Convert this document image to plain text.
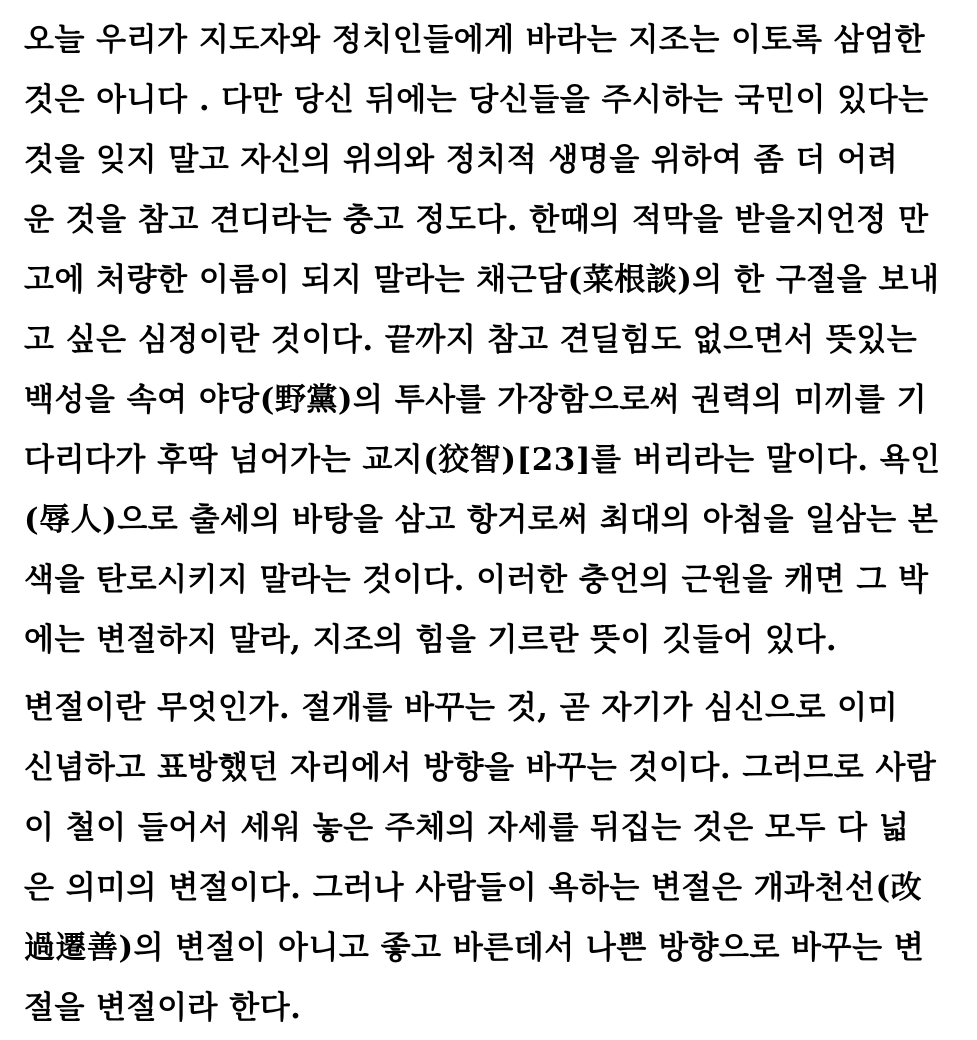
오늘 우리가 지도자와 정치인들에게 바라는 지조는 이토록 삼엄한
것은 아니다 . 다만 당신 뒤에는 당신들을 주시하는 국민이 있다는
것을 잊지 말고 자신의 위의와 정치적 생명을 위하여 좀 더 어려
운 것을 참고 견디라는 충고 정도다. 한때의 적막을 받을지언정 만
고에 처량한 이름이 되지 말라는 채근담(菜根談)의 한 구절을 보내
고 싶은 심정이란 것이다. 끝까지 참고 견딜힘도 없으면서 뜻있는
백성을 속여 야당(野黨)의 투사를 가장함으로써 권력의 미끼를 기
다리다가 후딱 넘어가는 교지(狡智)[23]를 버리라는 말이다. 욕인
(辱人)으로 출세의 바탕을 삼고 항거로써 최대의 아첨을 일삼는 본
색을 탄로시키지 말라는 것이다. 이러한 충언의 근원을 캐면 그 박
에는 변절하지 말라, 지조의 힘을 기르란 뜻이 깃들어 있다.
변절이란 무엇인가. 절개를 바꾸는 것, 곧 자기가 심신으로 이미
신념하고 표방했던 자리에서 방향을 바꾸는 것이다. 그러므로 사람
이 철이 들어서 세워 놓은 주체의 자세를 뒤집는 것은 모두 다 넓
은 의미의 변절이다. 그러나 사람들이 욕하는 변절은 개과천선(改
過遷善)의 변절이 아니고 좋고 바른데서 나쁜 방향으로 바꾸는 변
절을 변절이라 한다.
